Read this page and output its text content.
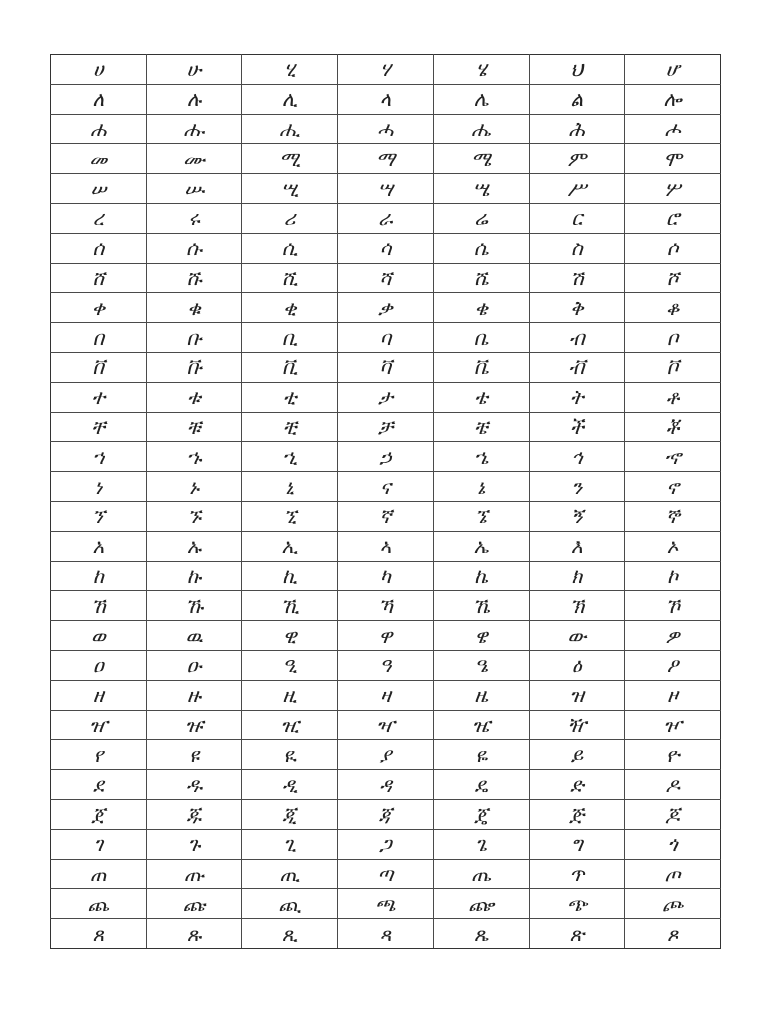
ሀ	ሁ	ሂ	ሃ	ሄ	ህ	ሆ
ለ	ሉ	ሊ	ላ	ሌ	ል	ሎ
ሐ	ሑ	ሒ	ሓ	ሔ	ሕ	ሖ
መ	ሙ	ሚ	ማ	ሜ	ም	ሞ
ሠ	ሡ	ሢ	ሣ	ሤ	ሥ	ሦ
ረ	ሩ	ሪ	ራ	ሬ	ር	ሮ
ሰ	ሱ	ሲ	ሳ	ሴ	ስ	ሶ
ሸ	ሹ	ሺ	ሻ	ሼ	ሽ	ሾ
ቀ	ቁ	ቂ	ቃ	ቄ	ቅ	ቆ
በ	ቡ	ቢ	ባ	ቤ	ብ	ቦ
ቨ	ቩ	ቪ	ቫ	ቬ	ቭ	ቮ
ተ	ቱ	ቲ	ታ	ቴ	ት	ቶ
ቸ	ቹ	ቺ	ቻ	ቼ	ች	ቾ
ኀ	ኁ	ኂ	ኃ	ኄ	ኅ	ኆ
ነ	ኑ	ኒ	ና	ኔ	ን	ኖ
ኘ	ኙ	ኚ	ኛ	ኜ	ኝ	ኞ
አ	ኡ	ኢ	ኣ	ኤ	እ	ኦ
ከ	ኩ	ኪ	ካ	ኬ	ክ	ኮ
ኸ	ኹ	ኺ	ኻ	ኼ	ኽ	ኾ
ወ	ዉ	ዊ	ዋ	ዌ	ው	ዎ
ዐ	ዑ	ዒ	ዓ	ዔ	ዕ	ዖ
ዘ	ዙ	ዚ	ዛ	ዜ	ዝ	ዞ
ዠ	ዡ	ዢ	ዣ	ዤ	ዥ	ዦ
የ	ዩ	ዪ	ያ	ዬ	ይ	ዮ
ደ	ዱ	ዲ	ዳ	ዴ	ድ	ዶ
ጀ	ጁ	ጂ	ጃ	ጄ	ጅ	ጆ
ገ	ጉ	ጊ	ጋ	ጌ	ግ	ጎ
ጠ	ጡ	ጢ	ጣ	ጤ	ጥ	ጦ
ጨ	ጩ	ጪ	ጫ	ጬ	ጭ	ጮ
ጸ	ጹ	ጺ	ጻ	ጼ	ጽ	ጾ
